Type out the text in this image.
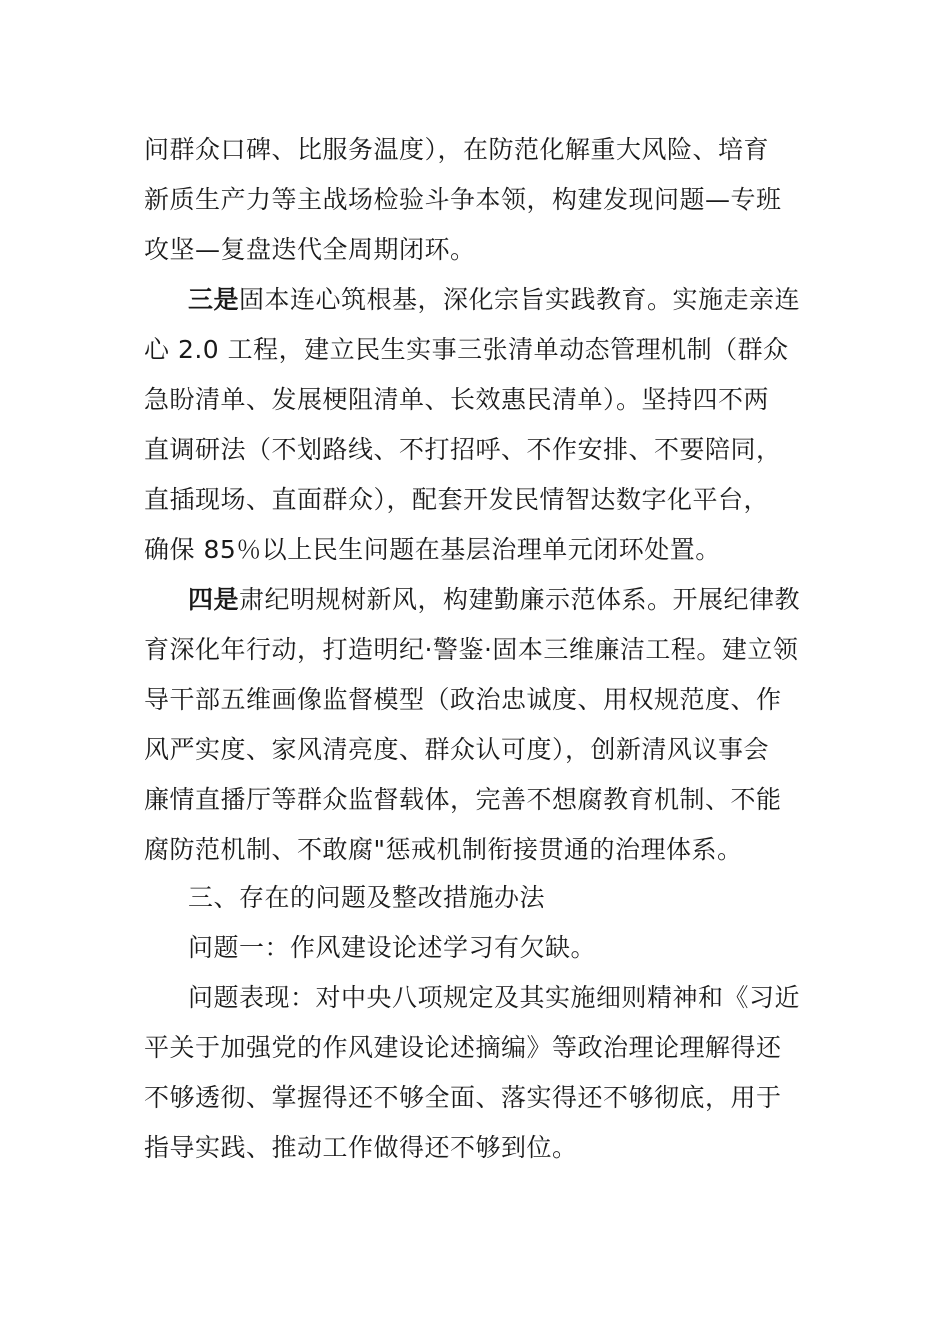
问群众口碑、比服务温度），在防范化解重大风险、培育
新质生产力等主战场检验斗争本领，构建发现问题—专班
攻坚—复盘迭代全周期闭环。
三是固本连心筑根基，深化宗旨实践教育。实施走亲连
心 2.0 工程，建立民生实事三张清单动态管理机制（群众
急盼清单、发展梗阻清单、长效惠民清单）。坚持四不两
直调研法（不划路线、不打招呼、不作安排、不要陪同，
直插现场、直面群众），配套开发民情智达数字化平台，
确保 85％以上民生问题在基层治理单元闭环处置。
四是肃纪明规树新风，构建勤廉示范体系。开展纪律教
育深化年行动，打造明纪·警鉴·固本三维廉洁工程。建立领
导干部五维画像监督模型（政治忠诚度、用权规范度、作
风严实度、家风清亮度、群众认可度），创新清风议事会
廉情直播厅等群众监督载体，完善不想腐教育机制、不能
腐防范机制、不敢腐"惩戒机制衔接贯通的治理体系。
三、存在的问题及整改措施办法
问题一：作风建设论述学习有欠缺。
问题表现：对中央八项规定及其实施细则精神和《习近
平关于加强党的作风建设论述摘编》等政治理论理解得还
不够透彻、掌握得还不够全面、落实得还不够彻底，用于
指导实践、推动工作做得还不够到位。
